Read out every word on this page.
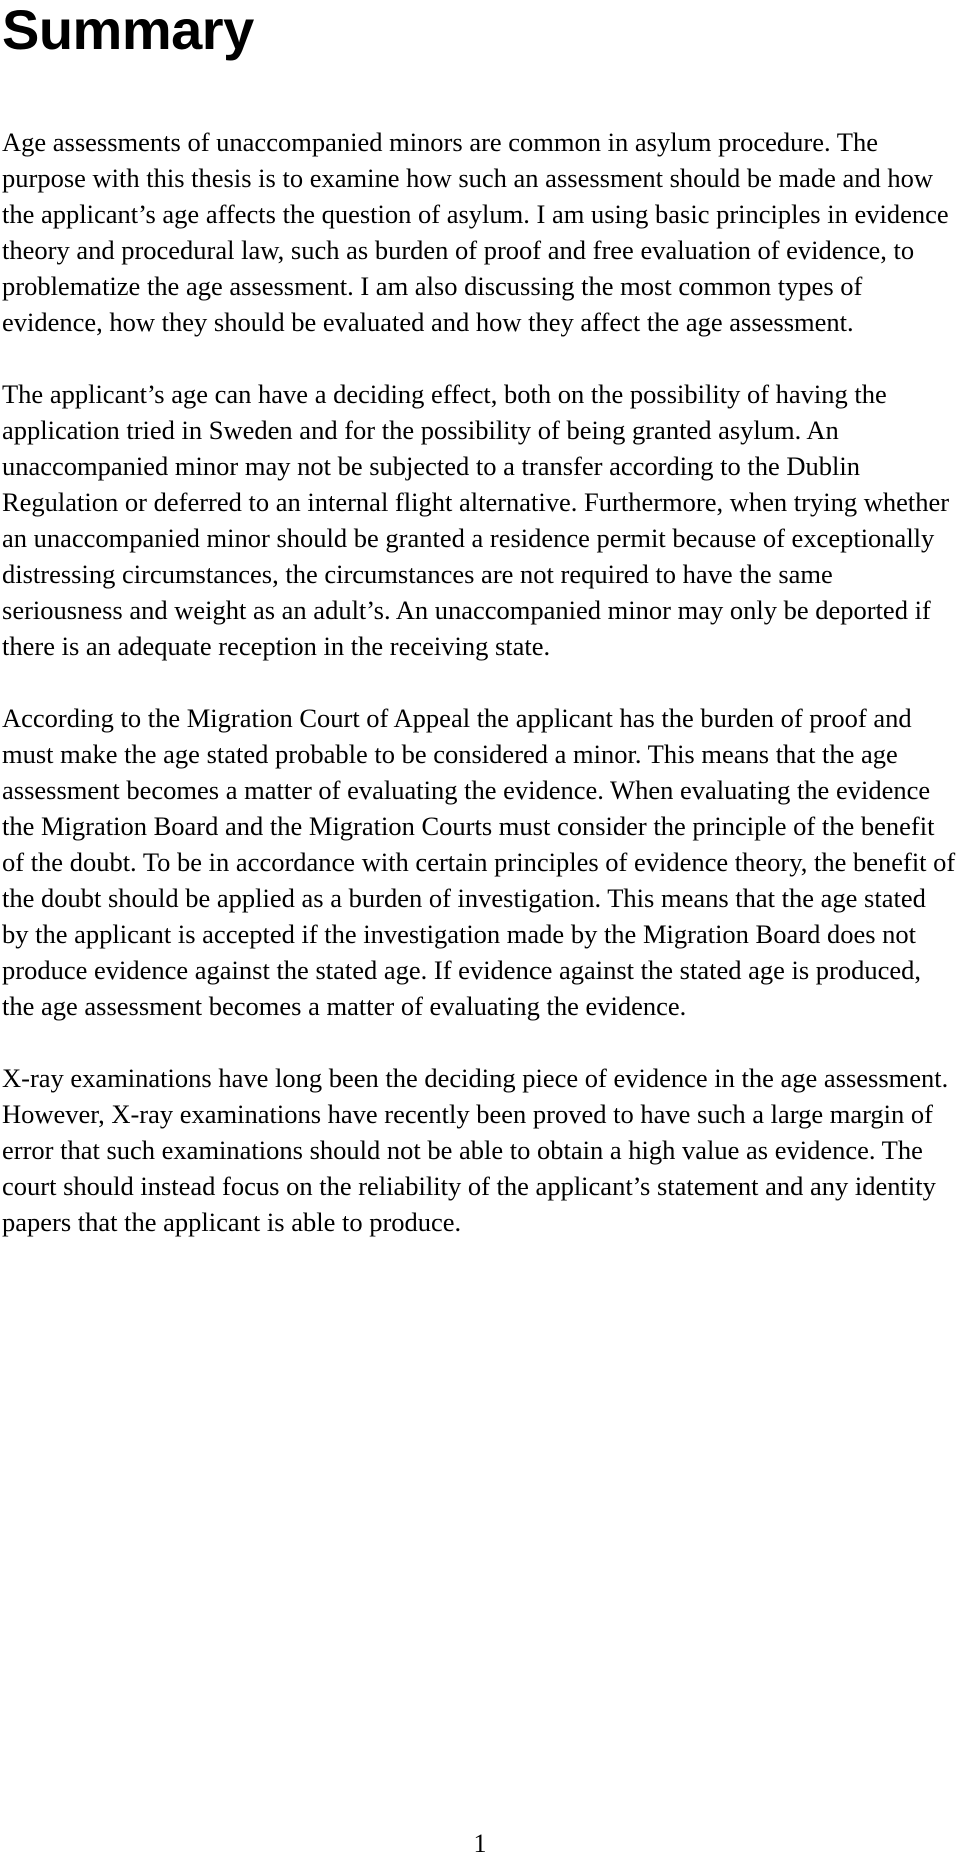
Summary

Age assessments of unaccompanied minors are common in asylum procedure. The purpose with this thesis is to examine how such an assessment should be made and how the applicant’s age affects the question of asylum. I am using basic principles in evidence theory and procedural law, such as burden of proof and free evaluation of evidence, to problematize the age assessment. I am also discussing the most common types of evidence, how they should be evaluated and how they affect the age assessment.

The applicant’s age can have a deciding effect, both on the possibility of having the application tried in Sweden and for the possibility of being granted asylum. An unaccompanied minor may not be subjected to a transfer according to the Dublin Regulation or deferred to an internal flight alternative. Furthermore, when trying whether an unaccompanied minor should be granted a residence permit because of exceptionally distressing circumstances, the circumstances are not required to have the same seriousness and weight as an adult’s. An unaccompanied minor may only be deported if there is an adequate reception in the receiving state.

According to the Migration Court of Appeal the applicant has the burden of proof and must make the age stated probable to be considered a minor. This means that the age assessment becomes a matter of evaluating the evidence. When evaluating the evidence the Migration Board and the Migration Courts must consider the principle of the benefit of the doubt. To be in accordance with certain principles of evidence theory, the benefit of the doubt should be applied as a burden of investigation. This means that the age stated by the applicant is accepted if the investigation made by the Migration Board does not produce evidence against the stated age. If evidence against the stated age is produced, the age assessment becomes a matter of evaluating the evidence.

X-ray examinations have long been the deciding piece of evidence in the age assessment. However, X-ray examinations have recently been proved to have such a large margin of error that such examinations should not be able to obtain a high value as evidence. The court should instead focus on the reliability of the applicant’s statement and any identity papers that the applicant is able to produce.

1
